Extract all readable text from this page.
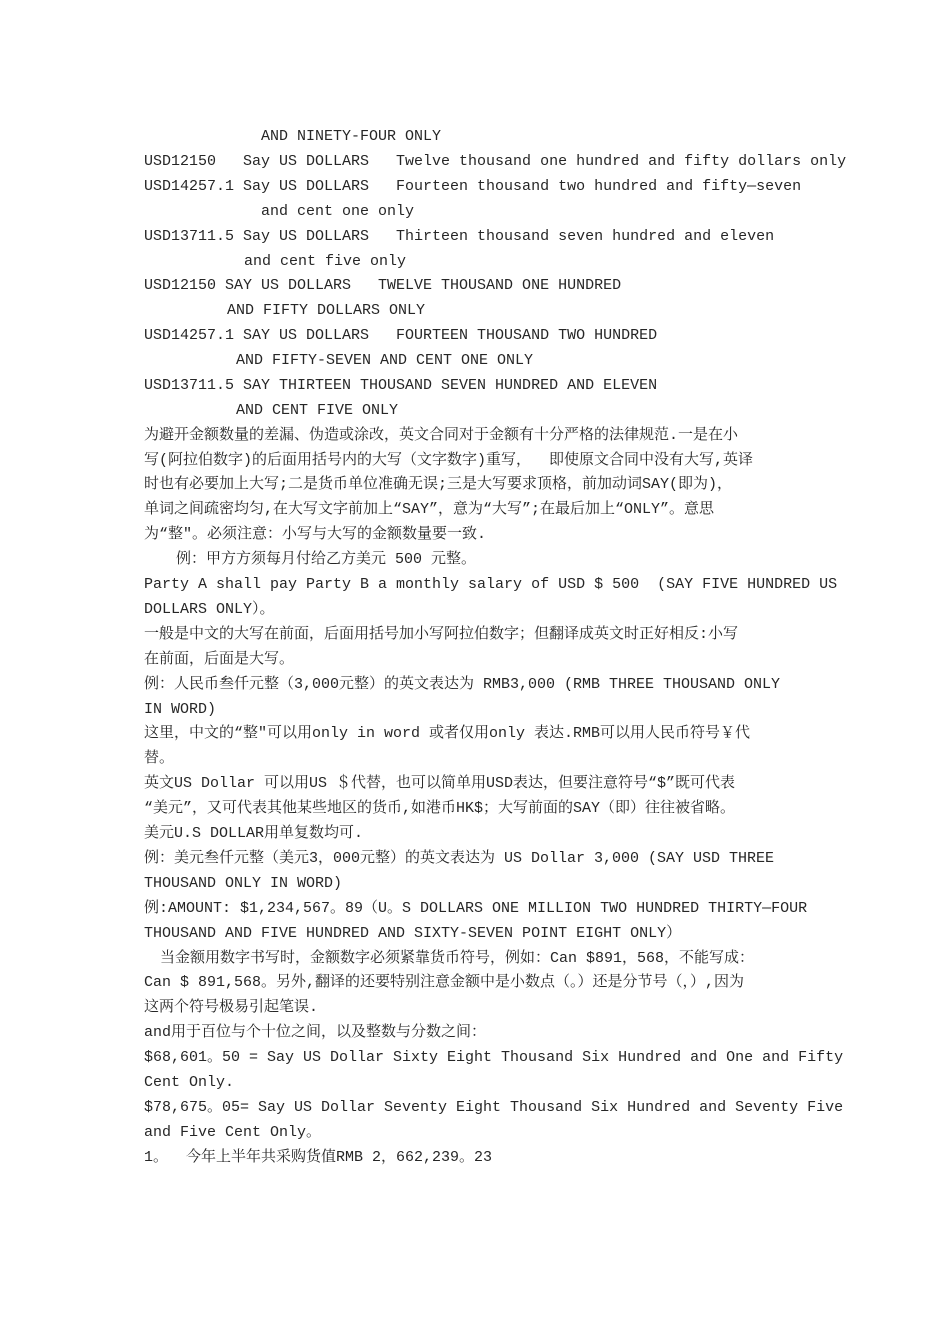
AND NINETY-FOUR ONLY
USD12150   Say US DOLLARS   Twelve thousand one hundred and fifty dollars only
USD14257.1 Say US DOLLARS   Fourteen thousand two hundred and fifty—seven
and cent one only
USD13711.5 Say US DOLLARS   Thirteen thousand seven hundred and eleven
and cent five only
USD12150 SAY US DOLLARS   TWELVE THOUSAND ONE HUNDRED
AND FIFTY DOLLARS ONLY
USD14257.1 SAY US DOLLARS   FOURTEEN THOUSAND TWO HUNDRED
AND FIFTY-SEVEN AND CENT ONE ONLY
USD13711.5 SAY THIRTEEN THOUSAND SEVEN HUNDRED AND ELEVEN
AND CENT FIVE ONLY
为避开金额数量的差漏、伪造或涂改，英文合同对于金额有十分严格的法律规范.一是在小
写(阿拉伯数字)的后面用括号内的大写（文字数字)重写，  即使原文合同中没有大写,英译
时也有必要加上大写;二是货币单位准确无误;三是大写要求顶格，前加动词SAY(即为)，
单词之间疏密均匀,在大写文字前加上“SAY”，意为“大写”;在最后加上“ONLY”。意思
为“整"。必须注意：小写与大写的金额数量要一致.
例：甲方方须每月付给乙方美元 500 元整。
Party A shall pay Party B a monthly salary of USD $ 500  (SAY FIVE HUNDRED US
DOLLARS ONLY）。
一般是中文的大写在前面，后面用括号加小写阿拉伯数字；但翻译成英文时正好相反:小写
在前面，后面是大写。
例：人民币叁仟元整（3,000元整）的英文表达为 RMB3,000 (RMB THREE THOUSAND ONLY
IN WORD)
这里，中文的“整"可以用only in word 或者仅用only 表达.RMB可以用人民币符号￥代
替。
英文US Dollar 可以用US ＄代替，也可以简单用USD表达，但要注意符号“$”既可代表
“美元”，又可代表其他某些地区的货币,如港币HK$；大写前面的SAY（即）往往被省略。
美元U.S DOLLAR用单复数均可.
例：美元叁仟元整（美元3，000元整）的英文表达为 US Dollar 3,000 (SAY USD THREE
THOUSAND ONLY IN WORD)
例:AMOUNT: $1,234,567。89（U。S DOLLARS ONE MILLION TWO HUNDRED THIRTY—FOUR
THOUSAND AND FIVE HUNDRED AND SIXTY-SEVEN POINT EIGHT ONLY）
当金额用数字书写时，金额数字必须紧靠货币符号，例如：Can $891，568，不能写成：
Can $ 891,568。另外,翻译的还要特别注意金额中是小数点（。）还是分节号（，）,因为
这两个符号极易引起笔误.
and用于百位与个十位之间，以及整数与分数之间：
$68,601。50 = Say US Dollar Sixty Eight Thousand Six Hundred and One and Fifty
Cent Only.
$78,675。05= Say US Dollar Seventy Eight Thousand Six Hundred and Seventy Five
and Five Cent Only。
1。  今年上半年共采购货值RMB 2，662,239。23
